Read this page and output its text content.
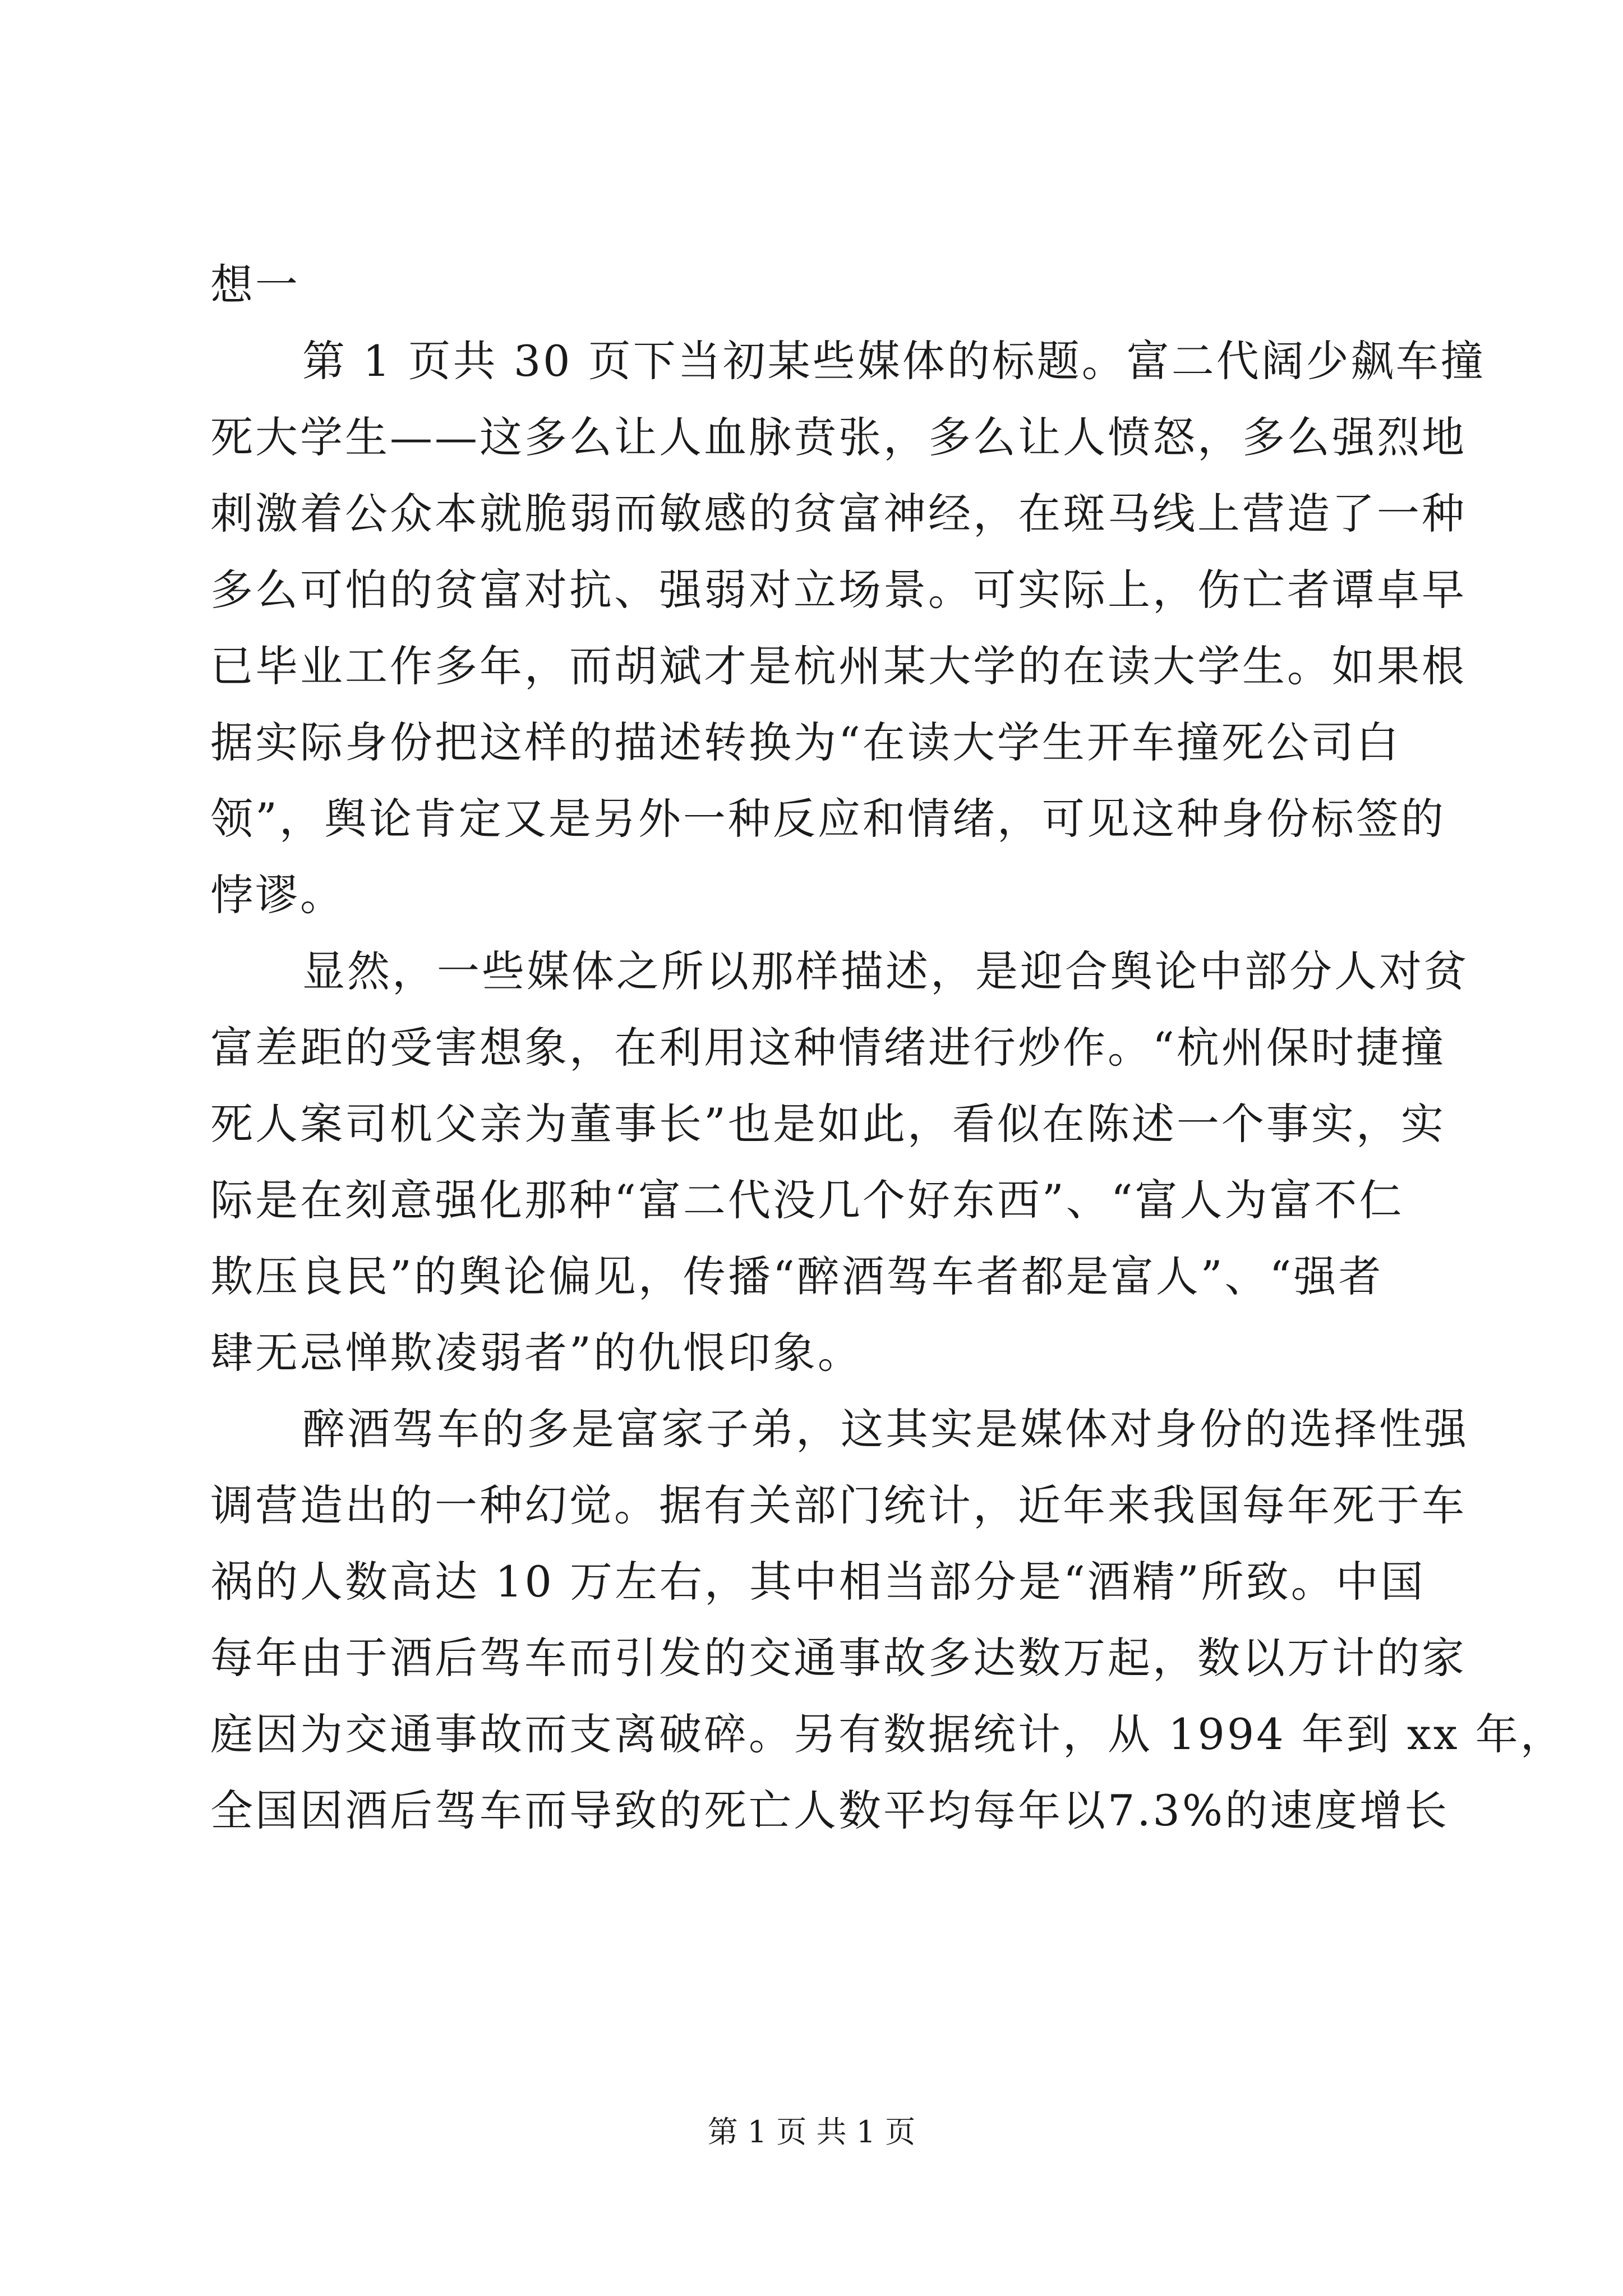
想一
第 1 页共 30 页下当初某些媒体的标题。富二代阔少飙车撞
死大学生——这多么让人血脉贲张，多么让人愤怒，多么强烈地
刺激着公众本就脆弱而敏感的贫富神经，在斑马线上营造了一种
多么可怕的贫富对抗、强弱对立场景。可实际上，伤亡者谭卓早
已毕业工作多年，而胡斌才是杭州某大学的在读大学生。如果根
据实际身份把这样的描述转换为“在读大学生开车撞死公司白
领”，舆论肯定又是另外一种反应和情绪，可见这种身份标签的
悖谬。
显然，一些媒体之所以那样描述，是迎合舆论中部分人对贫
富差距的受害想象，在利用这种情绪进行炒作。“杭州保时捷撞
死人案司机父亲为董事长”也是如此，看似在陈述一个事实，实
际是在刻意强化那种“富二代没几个好东西”、“富人为富不仁
欺压良民”的舆论偏见，传播“醉酒驾车者都是富人”、“强者
肆无忌惮欺凌弱者”的仇恨印象。
醉酒驾车的多是富家子弟，这其实是媒体对身份的选择性强
调营造出的一种幻觉。据有关部门统计，近年来我国每年死于车
祸的人数高达 10 万左右，其中相当部分是“酒精”所致。中国
每年由于酒后驾车而引发的交通事故多达数万起，数以万计的家
庭因为交通事故而支离破碎。另有数据统计，从 1994 年到 xx 年，
全国因酒后驾车而导致的死亡人数平均每年以7.3%的速度增长
第 1 页 共 1 页
